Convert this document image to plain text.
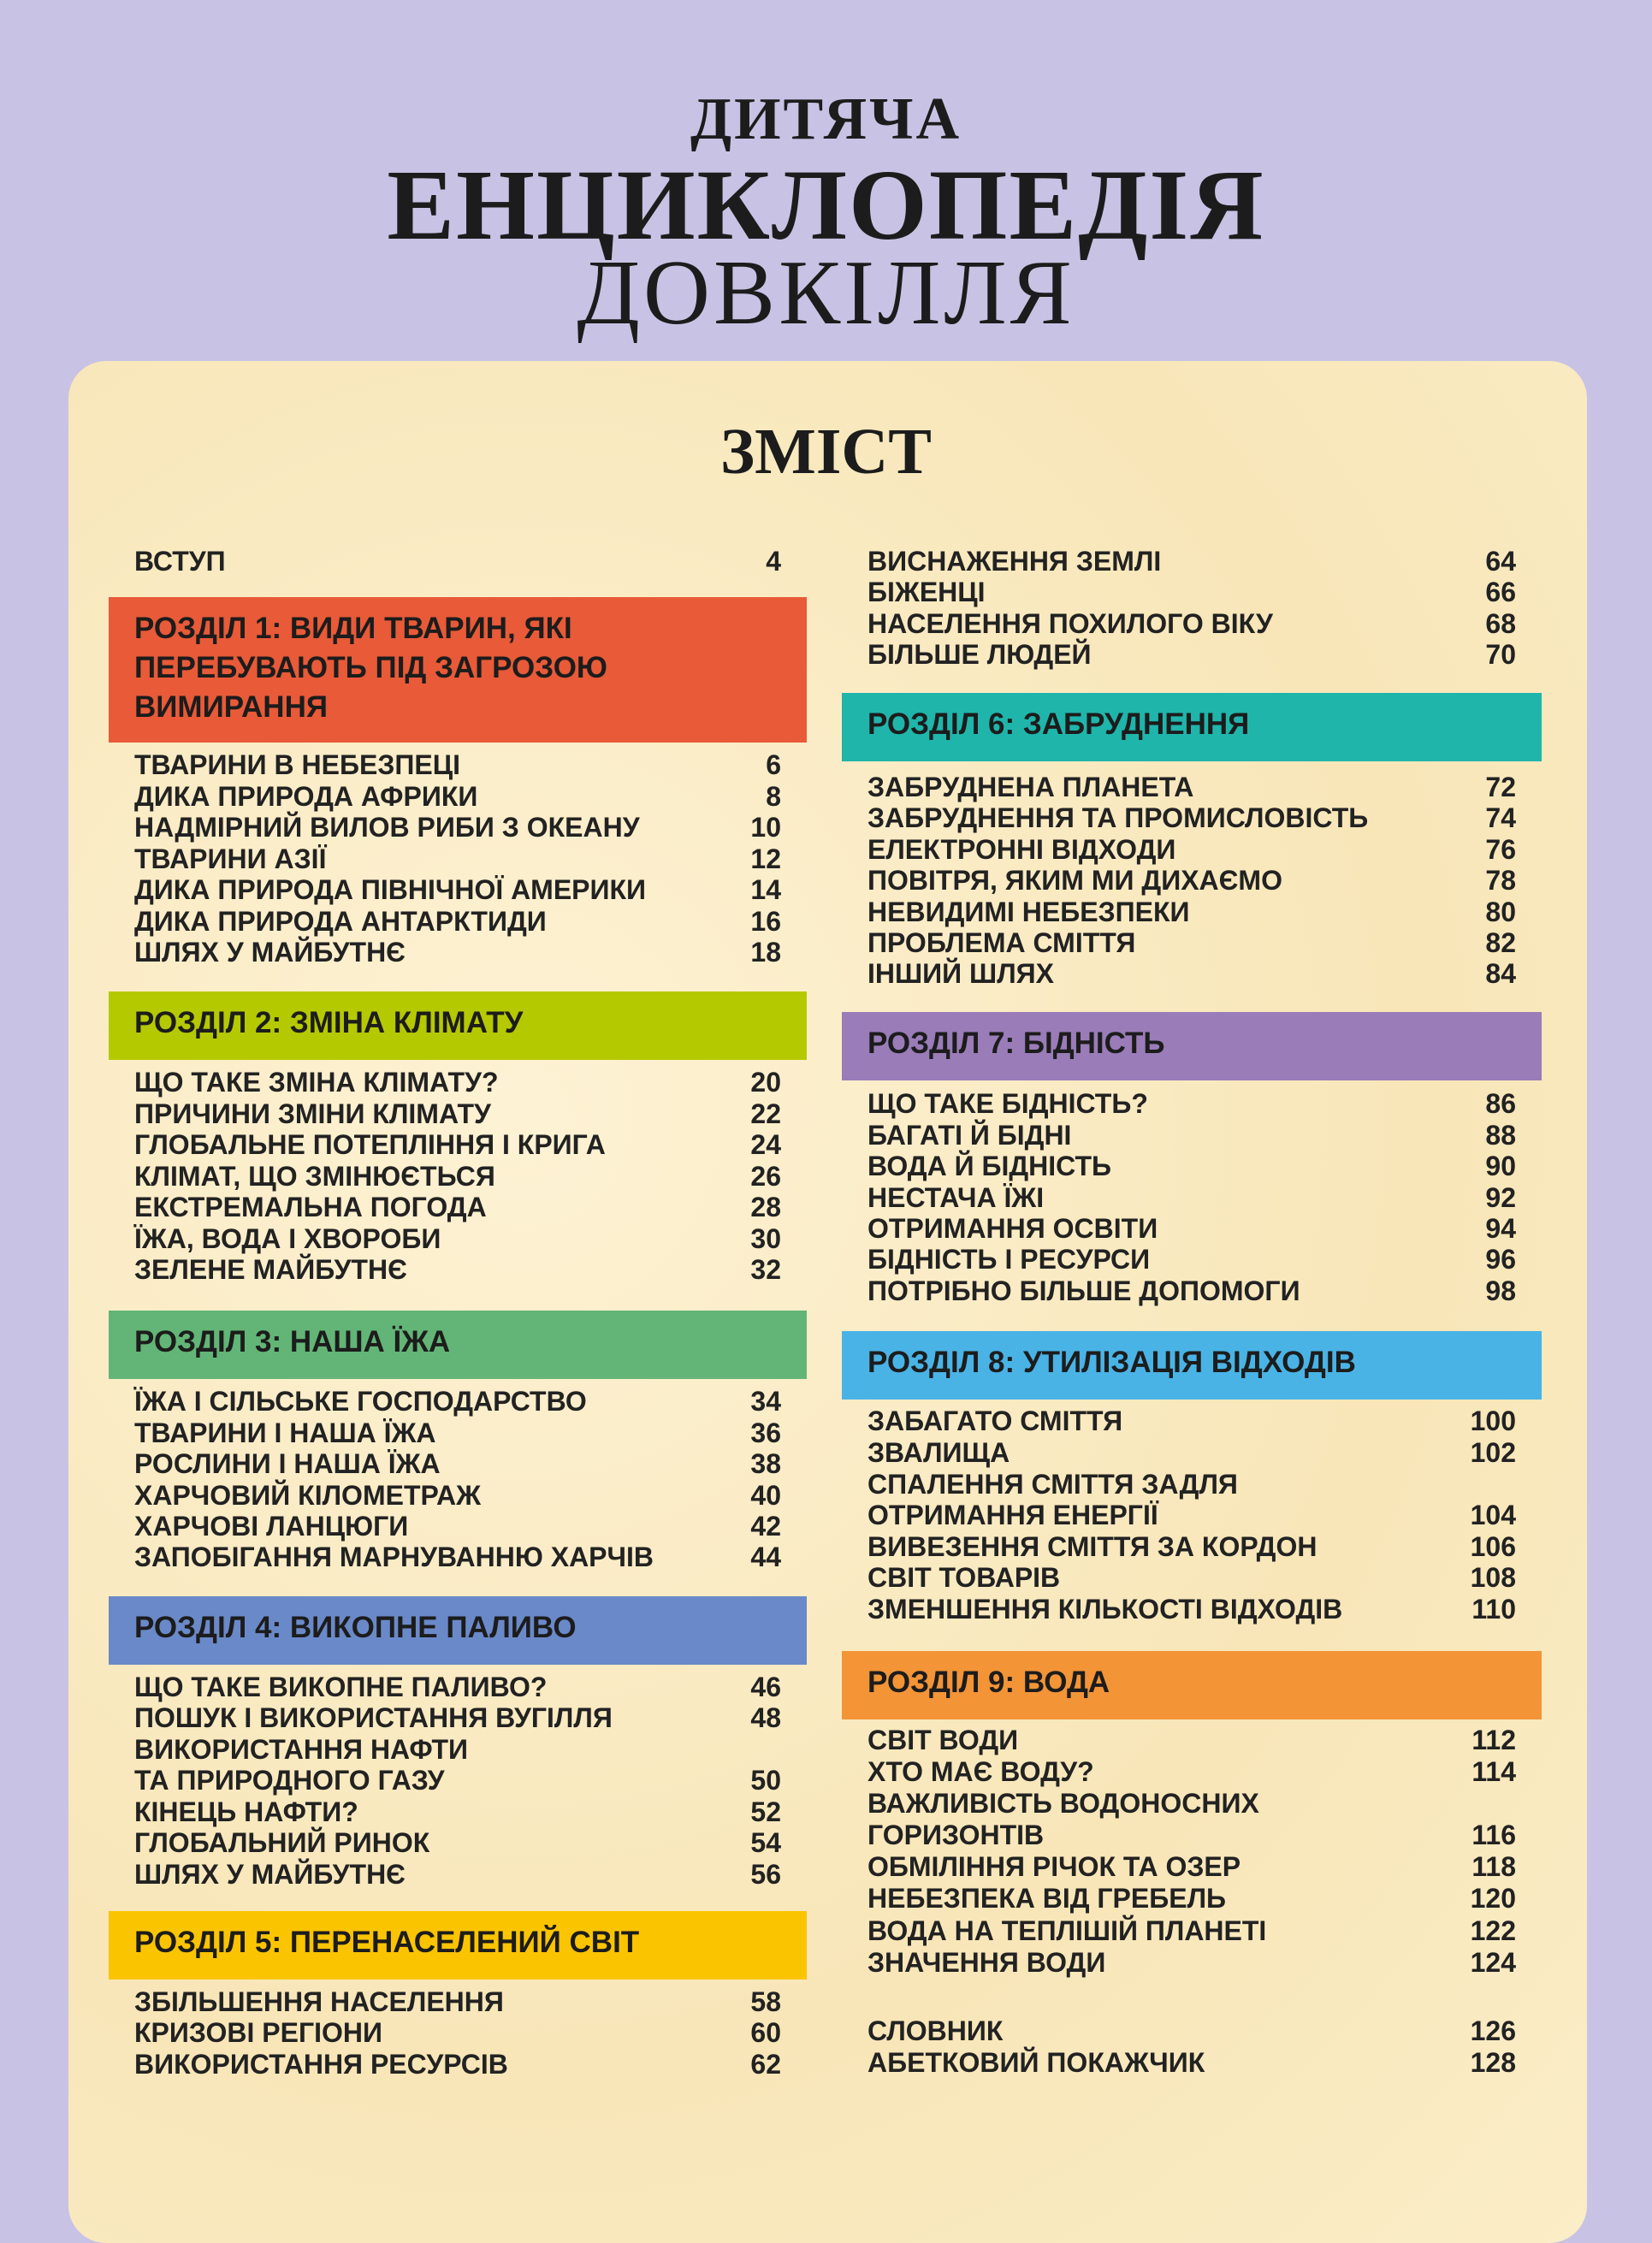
ДИТЯЧА
ЕНЦИКЛОПЕДІЯ
ДОВКІЛЛЯ
ЗМІСТ
ВСТУП	4
РОЗДІЛ 1: ВИДИ ТВАРИН, ЯКІ ПЕРЕБУВАЮТЬ ПІД ЗАГРОЗОЮ ВИМИРАННЯ
ТВАРИНИ В НЕБЕЗПЕЦІ	6
ДИКА ПРИРОДА АФРИКИ	8
НАДМІРНИЙ ВИЛОВ РИБИ З ОКЕАНУ	10
ТВАРИНИ АЗІЇ	12
ДИКА ПРИРОДА ПІВНІЧНОЇ АМЕРИКИ	14
ДИКА ПРИРОДА АНТАРКТИДИ	16
ШЛЯХ У МАЙБУТНЄ	18
РОЗДІЛ 2: ЗМІНА КЛІМАТУ
ЩО ТАКЕ ЗМІНА КЛІМАТУ?	20
ПРИЧИНИ ЗМІНИ КЛІМАТУ	22
ГЛОБАЛЬНЕ ПОТЕПЛІННЯ І КРИГА	24
КЛІМАТ, ЩО ЗМІНЮЄТЬСЯ	26
ЕКСТРЕМАЛЬНА ПОГОДА	28
ЇЖА, ВОДА І ХВОРОБИ	30
ЗЕЛЕНЕ МАЙБУТНЄ	32
РОЗДІЛ 3: НАША ЇЖА
ЇЖА І СІЛЬСЬКЕ ГОСПОДАРСТВО	34
ТВАРИНИ І НАША ЇЖА	36
РОСЛИНИ І НАША ЇЖА	38
ХАРЧОВИЙ КІЛОМЕТРАЖ	40
ХАРЧОВІ ЛАНЦЮГИ	42
ЗАПОБІГАННЯ МАРНУВАННЮ ХАРЧІВ	44
РОЗДІЛ 4: ВИКОПНЕ ПАЛИВО
ЩО ТАКЕ ВИКОПНЕ ПАЛИВО?	46
ПОШУК І ВИКОРИСТАННЯ ВУГІЛЛЯ	48
ВИКОРИСТАННЯ НАФТИ
ТА ПРИРОДНОГО ГАЗУ	50
КІНЕЦЬ НАФТИ?	52
ГЛОБАЛЬНИЙ РИНОК	54
ШЛЯХ У МАЙБУТНЄ	56
РОЗДІЛ 5: ПЕРЕНАСЕЛЕНИЙ СВІТ
ЗБІЛЬШЕННЯ НАСЕЛЕННЯ	58
КРИЗОВІ РЕГІОНИ	60
ВИКОРИСТАННЯ РЕСУРСІВ	62
ВИСНАЖЕННЯ ЗЕМЛІ	64
БІЖЕНЦІ	66
НАСЕЛЕННЯ ПОХИЛОГО ВІКУ	68
БІЛЬШЕ ЛЮДЕЙ	70
РОЗДІЛ 6: ЗАБРУДНЕННЯ
ЗАБРУДНЕНА ПЛАНЕТА	72
ЗАБРУДНЕННЯ ТА ПРОМИСЛОВІСТЬ	74
ЕЛЕКТРОННІ ВІДХОДИ	76
ПОВІТРЯ, ЯКИМ МИ ДИХАЄМО	78
НЕВИДИМІ НЕБЕЗПЕКИ	80
ПРОБЛЕМА СМІТТЯ	82
ІНШИЙ ШЛЯХ	84
РОЗДІЛ 7: БІДНІСТЬ
ЩО ТАКЕ БІДНІСТЬ?	86
БАГАТІ Й БІДНІ	88
ВОДА Й БІДНІСТЬ	90
НЕСТАЧА ЇЖІ	92
ОТРИМАННЯ ОСВІТИ	94
БІДНІСТЬ І РЕСУРСИ	96
ПОТРІБНО БІЛЬШЕ ДОПОМОГИ	98
РОЗДІЛ 8: УТИЛІЗАЦІЯ ВІДХОДІВ
ЗАБАГАТО СМІТТЯ	100
ЗВАЛИЩА	102
СПАЛЕННЯ СМІТТЯ ЗАДЛЯ
ОТРИМАННЯ ЕНЕРГІЇ	104
ВИВЕЗЕННЯ СМІТТЯ ЗА КОРДОН	106
СВІТ ТОВАРІВ	108
ЗМЕНШЕННЯ КІЛЬКОСТІ ВІДХОДІВ	110
РОЗДІЛ 9: ВОДА
СВІТ ВОДИ	112
ХТО МАЄ ВОДУ?	114
ВАЖЛИВІСТЬ ВОДОНОСНИХ
ГОРИЗОНТІВ	116
ОБМІЛІННЯ РІЧОК ТА ОЗЕР	118
НЕБЕЗПЕКА ВІД ГРЕБЕЛЬ	120
ВОДА НА ТЕПЛІШІЙ ПЛАНЕТІ	122
ЗНАЧЕННЯ ВОДИ	124
СЛОВНИК	126
АБЕТКОВИЙ ПОКАЖЧИК	128
